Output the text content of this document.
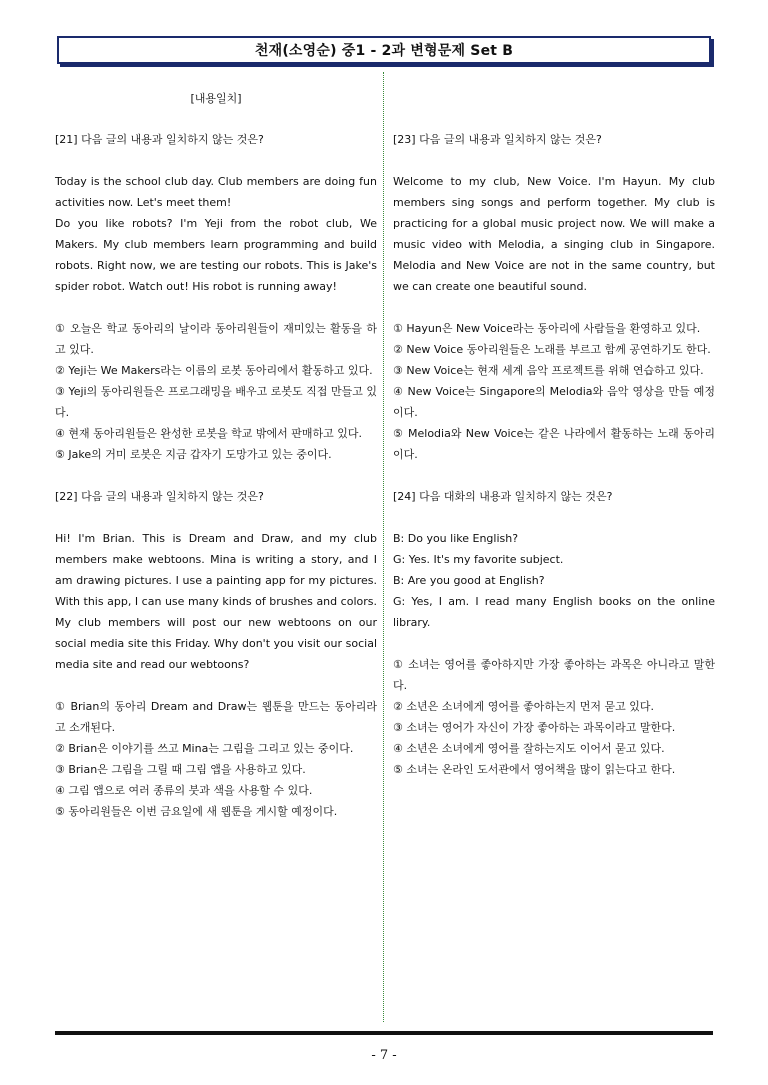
천재(소영순) 중1 - 2과 변형문제 Set B
[내용일치]
[21] 다음 글의 내용과 일치하지 않는 것은?

Today is the school club day. Club members are doing fun activities now. Let's meet them!

Do you like robots? I'm Yeji from the robot club, We Makers. My club members learn programming and build robots. Right now, we are testing our robots. This is Jake's spider robot. Watch out! His robot is running away!

① 오늘은 학교 동아리의 날이라 동아리원들이 재미있는 활동을 하고 있다.
② Yeji는 We Makers라는 이름의 로봇 동아리에서 활동하고 있다.
③ Yeji의 동아리원들은 프로그래밍을 배우고 로봇도 직접 만들고 있다.
④ 현재 동아리원들은 완성한 로봇을 학교 밖에서 판매하고 있다.
⑤ Jake의 거미 로봇은 지금 갑자기 도망가고 있는 중이다.
[22] 다음 글의 내용과 일치하지 않는 것은?

Hi! I'm Brian. This is Dream and Draw, and my club members make webtoons. Mina is writing a story, and I am drawing pictures. I use a painting app for my pictures. With this app, I can use many kinds of brushes and colors. My club members will post our new webtoons on our social media site this Friday. Why don't you visit our social media site and read our webtoons?

① Brian의 동아리 Dream and Draw는 웹툰을 만드는 동아리라고 소개된다.
② Brian은 이야기를 쓰고 Mina는 그림을 그리고 있는 중이다.
③ Brian은 그림을 그릴 때 그림 앱을 사용하고 있다.
④ 그림 앱으로 여러 종류의 붓과 색을 사용할 수 있다.
⑤ 동아리원들은 이번 금요일에 새 웹툰을 게시할 예정이다.
[23] 다음 글의 내용과 일치하지 않는 것은?

Welcome to my club, New Voice. I'm Hayun. My club members sing songs and perform together. My club is practicing for a global music project now. We will make a music video with Melodia, a singing club in Singapore. Melodia and New Voice are not in the same country, but we can create one beautiful sound.

① Hayun은 New Voice라는 동아리에 사람들을 환영하고 있다.
② New Voice 동아리원들은 노래를 부르고 함께 공연하기도 한다.
③ New Voice는 현재 세계 음악 프로젝트를 위해 연습하고 있다.
④ New Voice는 Singapore의 Melodia와 음악 영상을 만들 예정이다.
⑤ Melodia와 New Voice는 같은 나라에서 활동하는 노래 동아리이다.
[24] 다음 대화의 내용과 일치하지 않는 것은?

B: Do you like English?

G: Yes. It's my favorite subject.

B: Are you good at English?

G: Yes, I am. I read many English books on the online library.

① 소녀는 영어를 좋아하지만 가장 좋아하는 과목은 아니라고 말한다.
② 소년은 소녀에게 영어를 좋아하는지 먼저 묻고 있다.
③ 소녀는 영어가 자신이 가장 좋아하는 과목이라고 말한다.
④ 소년은 소녀에게 영어를 잘하는지도 이어서 묻고 있다.
⑤ 소녀는 온라인 도서관에서 영어책을 많이 읽는다고 한다.
- 7 -
